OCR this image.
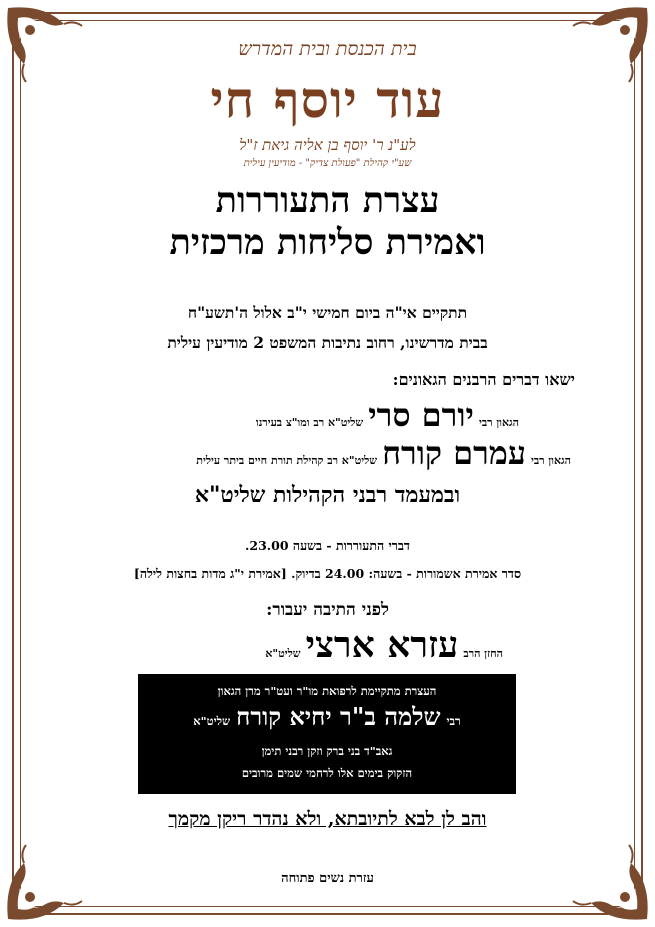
בית הכנסת ובית המדרש
עוד יוסף חי
לע"נ ר' יוסף בן אליה גיאת ז"ל
שע"י קהילת "פעולת צדיק" - מודיעין עילית
עצרת התעוררות
ואמירת סליחות מרכזית
תתקיים אי"ה ביום חמישי י"ב אלול ה'תשע"ח
בבית מדרשינו, רחוב נתיבות המשפט 2 מודיעין עילית
ישאו דברים הרבנים הגאונים:
הגאון רבי
יורם סרי
שליט"א רב ומו"צ בעירנו
הגאון רבי
עמרם קורח
שליט"א רב קהילת תורת חיים ביתר עילית
ובמעמד רבני הקהילות שליט"א
דברי התעוררות - בשעה 23.00.
סדר אמירת אשמורות - בשעה: 24.00 בדיוק. [אמירת י"ג מדות בחצות לילה]
לפני התיבה יעבור:
החזן הרב
עזרא ארצי
שליט"א
העצרת מתקיימת לרפואת מו"ר ועט"ר מרן הגאון
רבי
שלמה ב"ר יחיא קורח
שליט"א
גאב"ד בני ברק וזקן רבני תימן
הזקוק בימים אלו לרחמי שמים מרובים
והב לן לבא לתיובתא, ולא נהדר ריקן מקמך
עזרת נשים פתוחה
